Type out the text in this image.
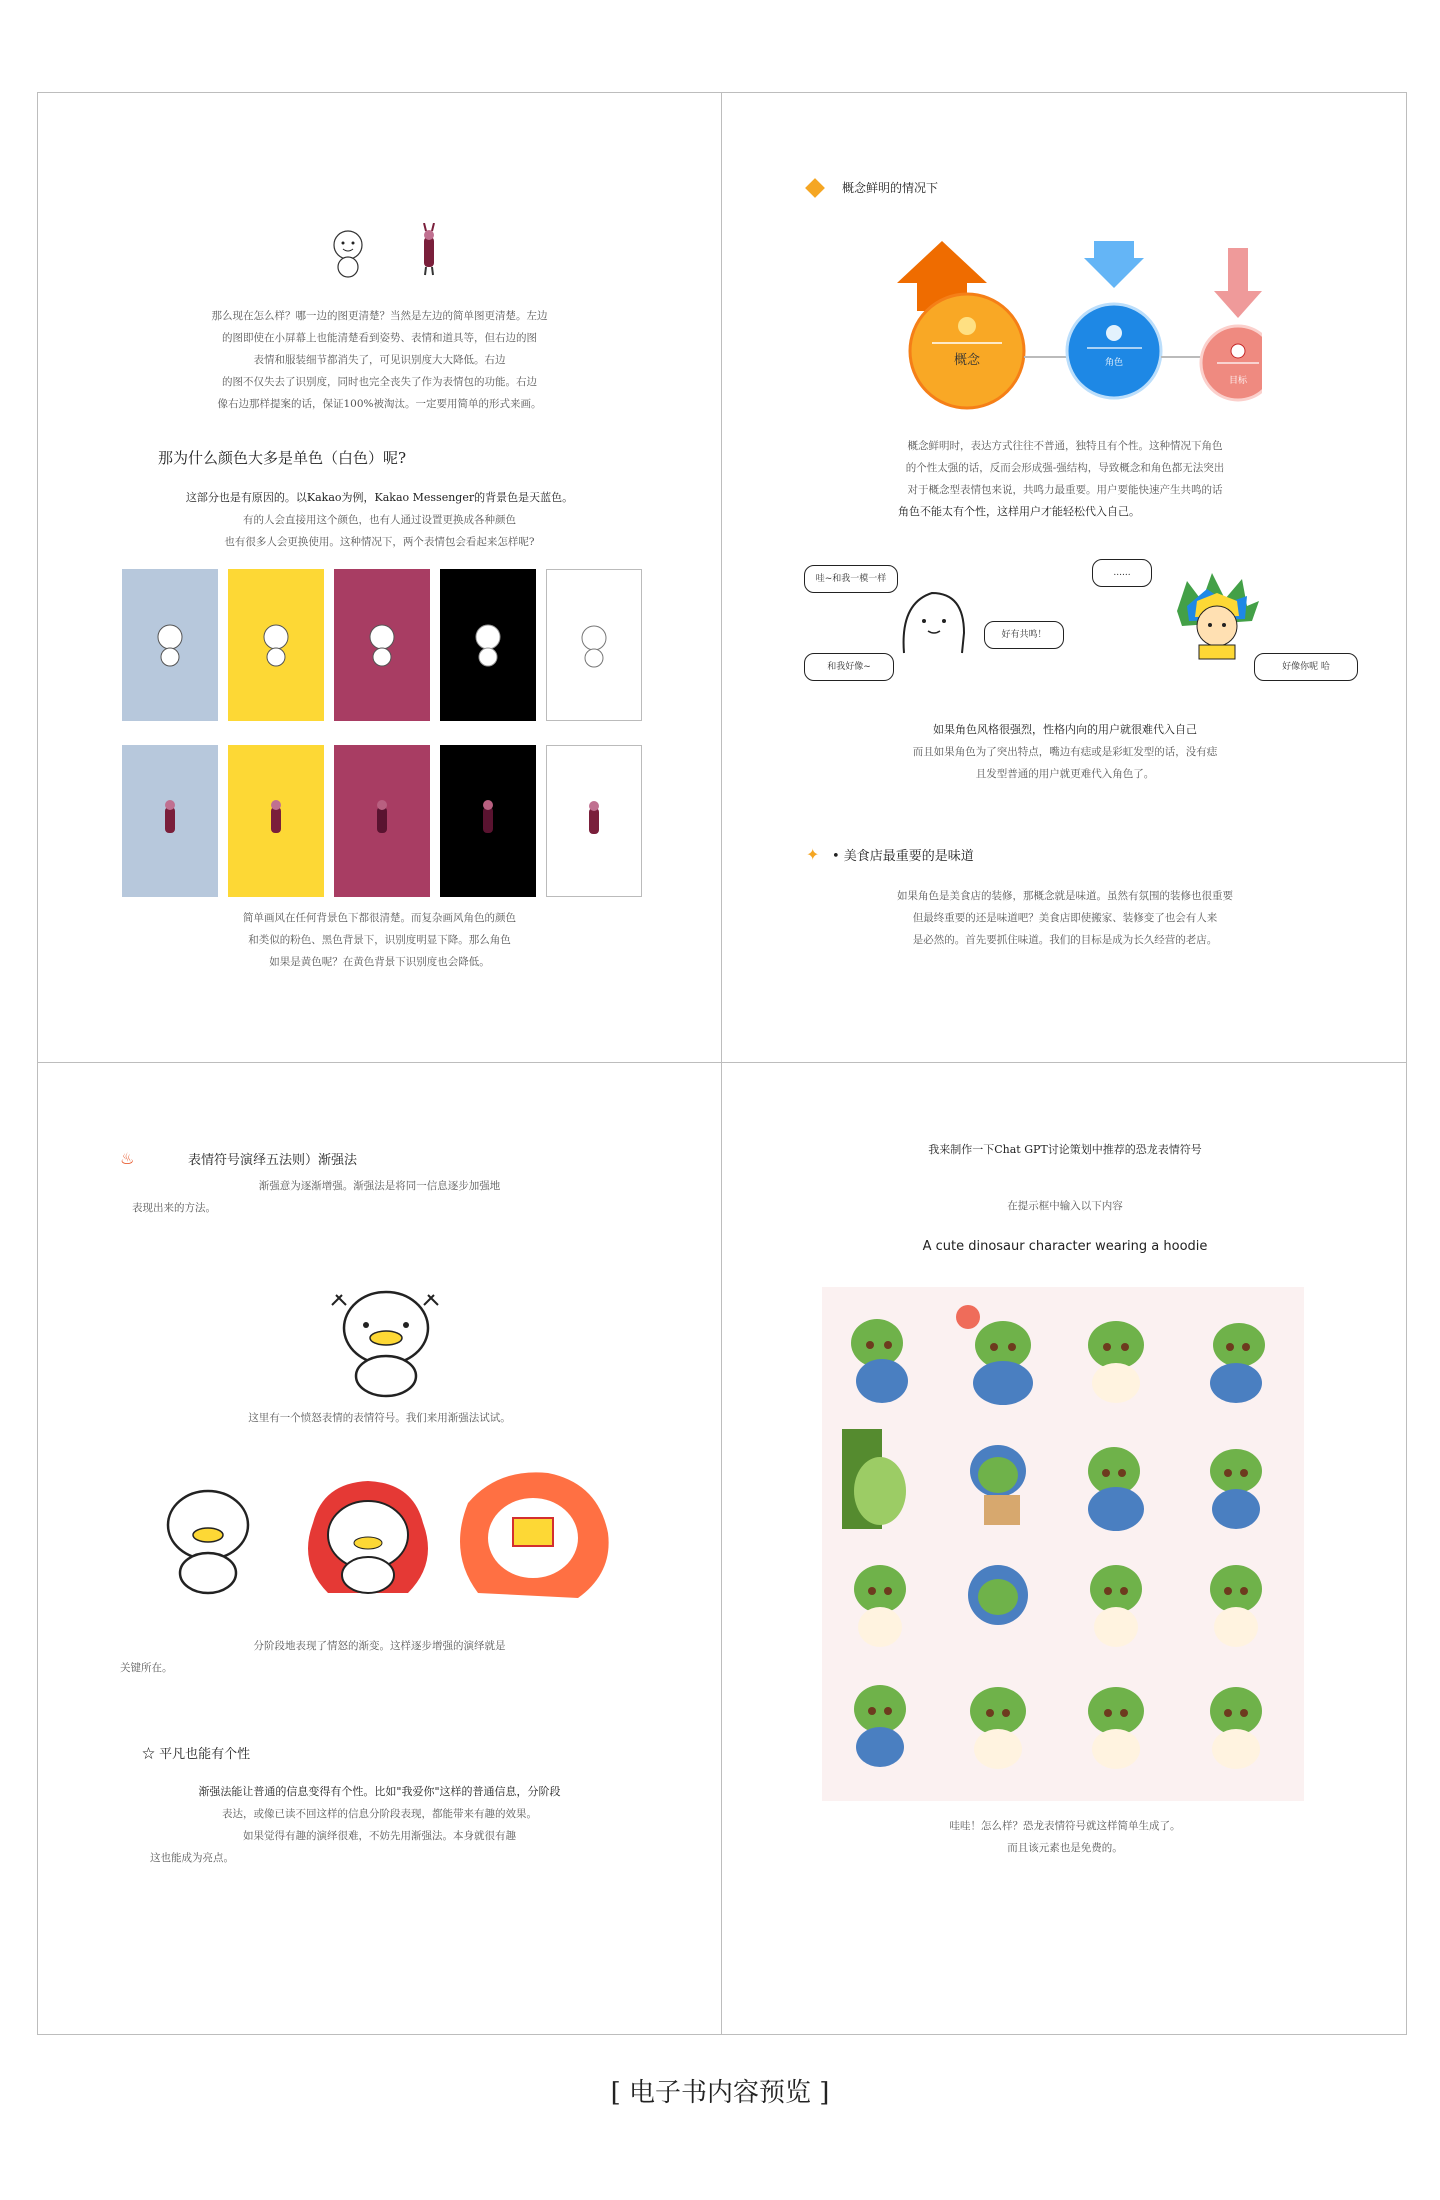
那么现在怎么样？哪一边的图更清楚？当然是左边的简单图更清楚。左边
的图即使在小屏幕上也能清楚看到姿势、表情和道具等，但右边的图
表情和服装细节都消失了，可见识别度大大降低。右边
的图不仅失去了识别度，同时也完全丧失了作为表情包的功能。右边
像右边那样提案的话，保证100%被淘汰。一定要用简单的形式来画。
那为什么颜色大多是单色（白色）呢?
这部分也是有原因的。以Kakao为例，Kakao Messenger的背景色是天蓝色。
有的人会直接用这个颜色，也有人通过设置更换成各种颜色
也有很多人会更换使用。这种情况下，两个表情包会看起来怎样呢?
简单画风在任何背景色下都很清楚。而复杂画风角色的颜色
和类似的粉色、黑色背景下，识别度明显下降。那么角色
如果是黄色呢？在黄色背景下识别度也会降低。
概念鲜明的情况下
概念	角色
目标
概念鲜明时，表达方式往往不普通，独特且有个性。这种情况下角色
的个性太强的话，反而会形成强-强结构，导致概念和角色都无法突出
对于概念型表情包来说，共鸣力最重要。用户要能快速产生共鸣的话
角色不能太有个性，这样用户才能轻松代入自己。
哇~和我一模一样
和我好像~
好有共鸣！
......
好像你呢 哈
如果角色风格很强烈，性格内向的用户就很难代入自己
而且如果角色为了突出特点，嘴边有痣或是彩虹发型的话，没有痣
且发型普通的用户就更难代入角色了。
✦ • 美食店最重要的是味道
如果角色是美食店的装修，那概念就是味道。虽然有氛围的装修也很重要
但最终重要的还是味道吧？美食店即使搬家、装修变了也会有人来
是必然的。首先要抓住味道。我们的目标是成为长久经营的老店。
♨	表情符号演绎五法则）渐强法
渐强意为逐渐增强。渐强法是将同一信息逐步加强地
表现出来的方法。
这里有一个愤怒表情的表情符号。我们来用渐强法试试。
分阶段地表现了情怒的渐变。这样逐步增强的演绎就是
关键所在。
☆ 平凡也能有个性
渐强法能让普通的信息变得有个性。比如"我爱你"这样的普通信息，分阶段
表达，或像已读不回这样的信息分阶段表现，都能带来有趣的效果。
如果觉得有趣的演绎很难，不妨先用渐强法。本身就很有趣
这也能成为亮点。
我来制作一下Chat GPT讨论策划中推荐的恐龙表情符号
在提示框中输入以下内容
A cute dinosaur character wearing a hoodie
哇哇！怎么样？恐龙表情符号就这样简单生成了。
而且该元素也是免费的。
[ 电子书内容预览 ]
